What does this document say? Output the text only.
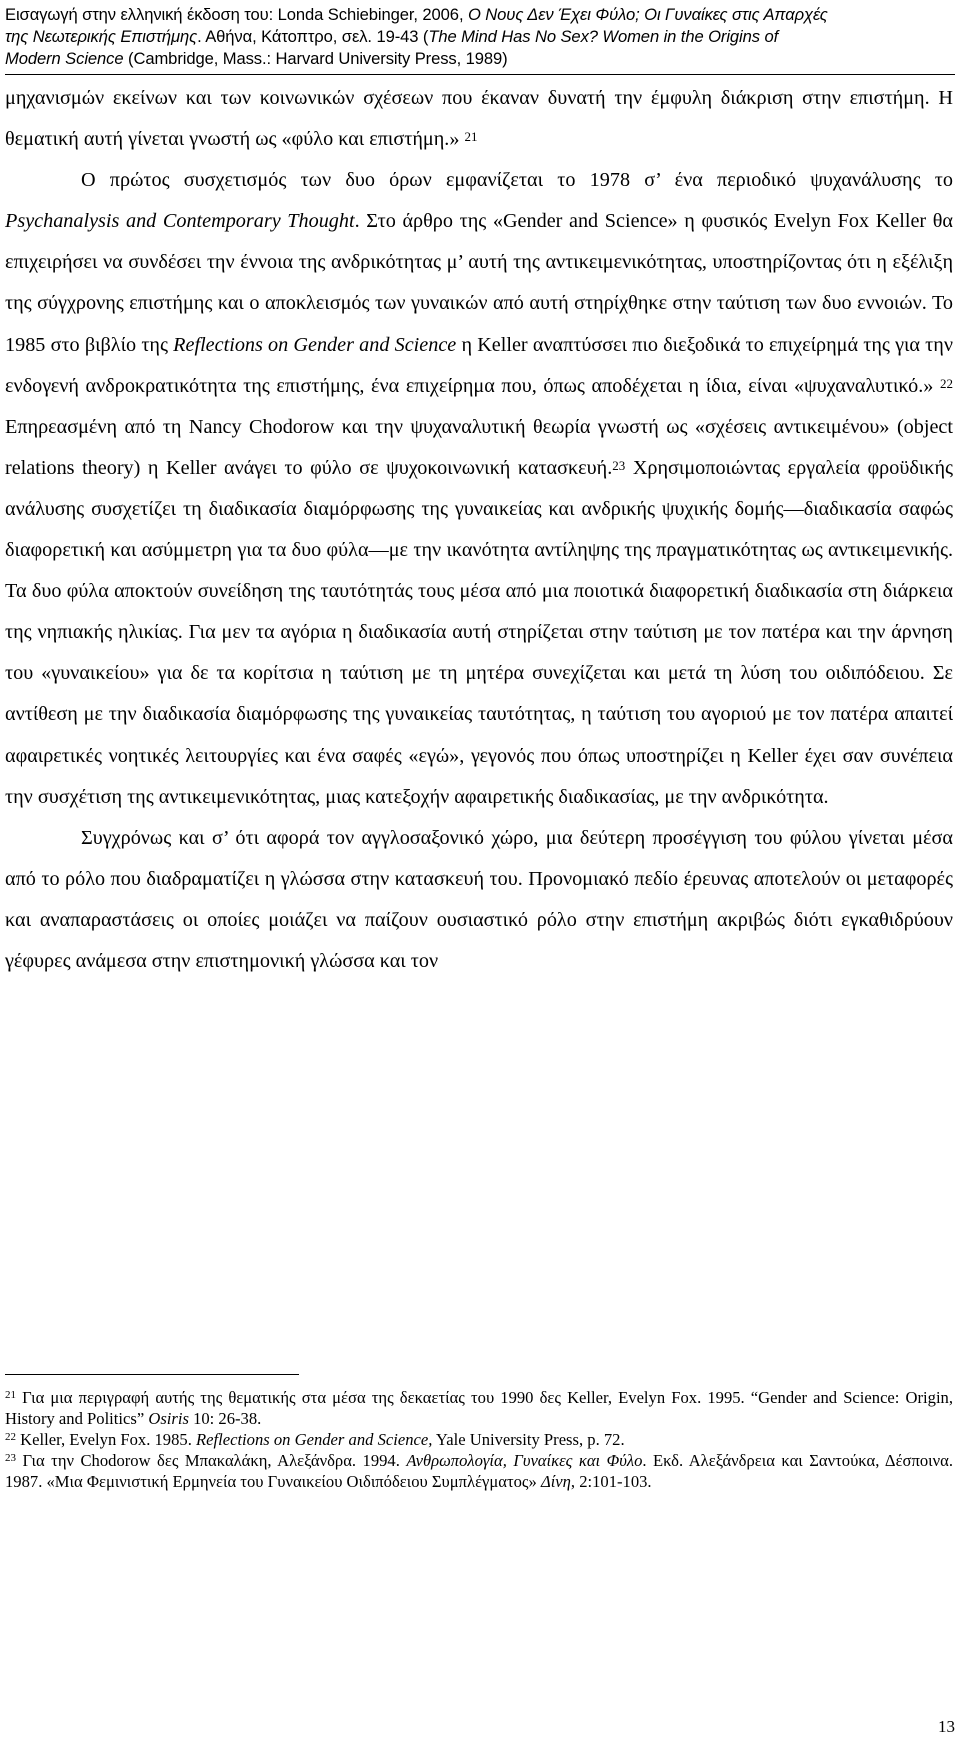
Εισαγωγή στην ελληνική έκδοση του: Londa Schiebinger, 2006, Ο Νους Δεν Έχει Φύλο; Οι Γυναίκες στις Απαρχές
της Νεωτερικής Επιστήμης. Αθήνα, Κάτοπτρο, σελ. 19-43 (The Mind Has No Sex? Women in the Origins of
Modern Science (Cambridge, Mass.: Harvard University Press, 1989)

μηχανισμών εκείνων και των κοινωνικών σχέσεων που έκαναν δυνατή την έμφυλη διάκριση στην επιστήμη. Η θεματική αυτή γίνεται γνωστή ως «φύλο και επιστήμη.» $^{21}$

Ο πρώτος συσχετισμός των δυο όρων εμφανίζεται το 1978 σ’ ένα περιοδικό ψυχανάλυσης το Psychanalysis and Contemporary Thought. Στο άρθρο της «Gender and Science» η φυσικός Evelyn Fox Keller θα επιχειρήσει να συνδέσει την έννοια της ανδρικότητας μ’ αυτή της αντικειμενικότητας, υποστηρίζοντας ότι η εξέλιξη της σύγχρονης επιστήμης και ο αποκλεισμός των γυναικών από αυτή στηρίχθηκε στην ταύτιση των δυο εννοιών. Το 1985 στο βιβλίο της Reflections on Gender and Science η Keller αναπτύσσει πιο διεξοδικά το επιχείρημά της για την ενδογενή ανδροκρατικότητα της επιστήμης, ένα επιχείρημα που, όπως αποδέχεται η ίδια, είναι «ψυχαναλυτικό.» $^{22}$ Επηρεασμένη από τη Nancy Chodorow και την ψυχαναλυτική θεωρία γνωστή ως «σχέσεις αντικειμένου» (object relations theory) η Keller ανάγει το φύλο σε ψυχοκοινωνική κατασκευή.$^{23}$ Χρησιμοποιώντας εργαλεία φροϋδικής ανάλυσης συσχετίζει τη διαδικασία διαμόρφωσης της γυναικείας και ανδρικής ψυχικής δομής—διαδικασία σαφώς διαφορετική και ασύμμετρη για τα δυο φύλα—με την ικανότητα αντίληψης της πραγματικότητας ως αντικειμενικής. Τα δυο φύλα αποκτούν συνείδηση της ταυτότητάς τους μέσα από μια ποιοτικά διαφορετική διαδικασία στη διάρκεια της νηπιακής ηλικίας. Για μεν τα αγόρια η διαδικασία αυτή στηρίζεται στην ταύτιση με τον πατέρα και την άρνηση του «γυναικείου» για δε τα κορίτσια η ταύτιση με τη μητέρα συνεχίζεται και μετά τη λύση του οιδιπόδειου. Σε αντίθεση με την διαδικασία διαμόρφωσης της γυναικείας ταυτότητας, η ταύτιση του αγοριού με τον πατέρα απαιτεί αφαιρετικές νοητικές λειτουργίες και ένα σαφές «εγώ», γεγονός που όπως υποστηρίζει η Keller έχει σαν συνέπεια την συσχέτιση της αντικειμενικότητας, μιας κατεξοχήν αφαιρετικής διαδικασίας, με την ανδρικότητα.

Συγχρόνως και σ’ ότι αφορά τον αγγλοσαξονικό χώρο, μια δεύτερη προσέγγιση του φύλου γίνεται μέσα από το ρόλο που διαδραματίζει η γλώσσα στην κατασκευή του. Προνομιακό πεδίο έρευνας αποτελούν οι μεταφορές και αναπαραστάσεις οι οποίες μοιάζει να παίζουν ουσιαστικό ρόλο στην επιστήμη ακριβώς διότι εγκαθιδρύουν γέφυρες ανάμεσα στην επιστημονική γλώσσα και τον

$^{21}$ Για μια περιγραφή αυτής της θεματικής στα μέσα της δεκαετίας του 1990 δες Keller, Evelyn Fox. 1995. “Gender and Science: Origin, History and Politics” Osiris 10: 26-38.

$^{22}$ Keller, Evelyn Fox. 1985. Reflections on Gender and Science, Yale University Press, p. 72.

$^{23}$ Για την Chodorow δες Μπακαλάκη, Αλεξάνδρα. 1994. Ανθρωπολογία, Γυναίκες και Φύλο. Εκδ. Αλεξάνδρεια και Σαντούκα, Δέσποινα. 1987. «Μια Φεμινιστική Ερμηνεία του Γυναικείου Οιδιπόδειου Συμπλέγματος» Δίνη, 2:101-103.

13
